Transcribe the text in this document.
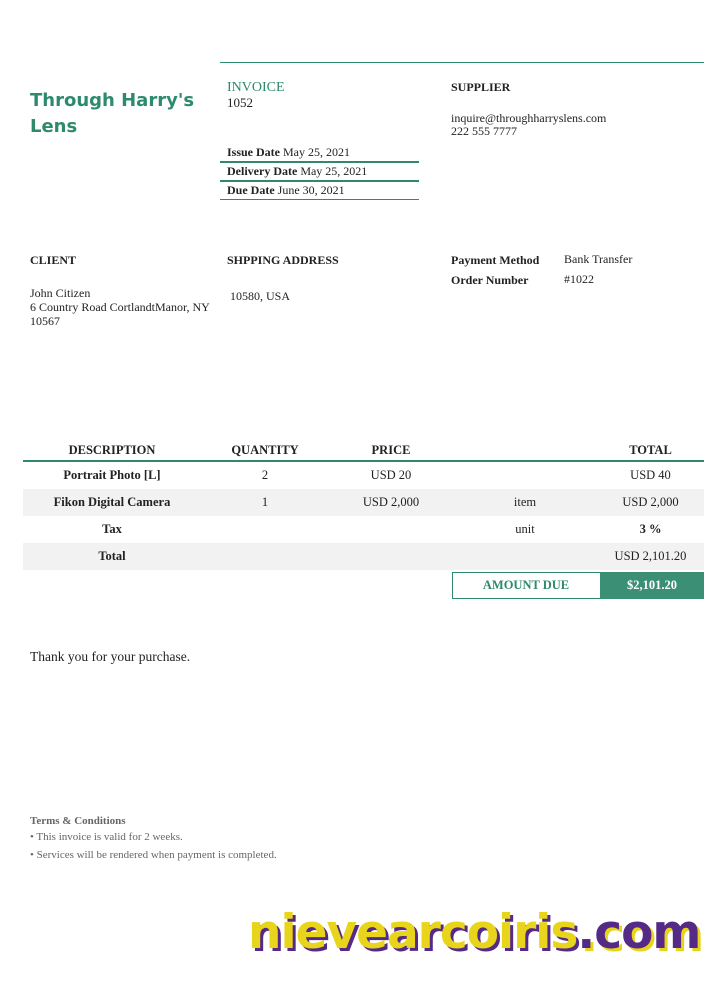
Through Harry's Lens
INVOICE
1052
Issue Date May 25, 2021
Delivery Date May 25, 2021
Due Date June 30, 2021
SUPPLIER
inquire@throughharryslens.com
222 555 7777
CLIENT
John Citizen
6 Country Road CortlandtManor, NY 10567
SHPPING ADDRESS
10580, USA
Payment Method Bank Transfer
Order Number	#1022
DESCRIPTION	QUANTITY	PRICE		TOTAL
Portrait Photo [L]	2	USD 20		USD 40
Fikon Digital Camera	1	USD 2,000	item	USD 2,000
Tax			unit	3 %
Total				USD 2,101.20
AMOUNT DUE	$2,101.20
Thank you for your purchase.
Terms & Conditions
• This invoice is valid for 2 weeks.
• Services will be rendered when payment is completed.
nievearcoiris.com
